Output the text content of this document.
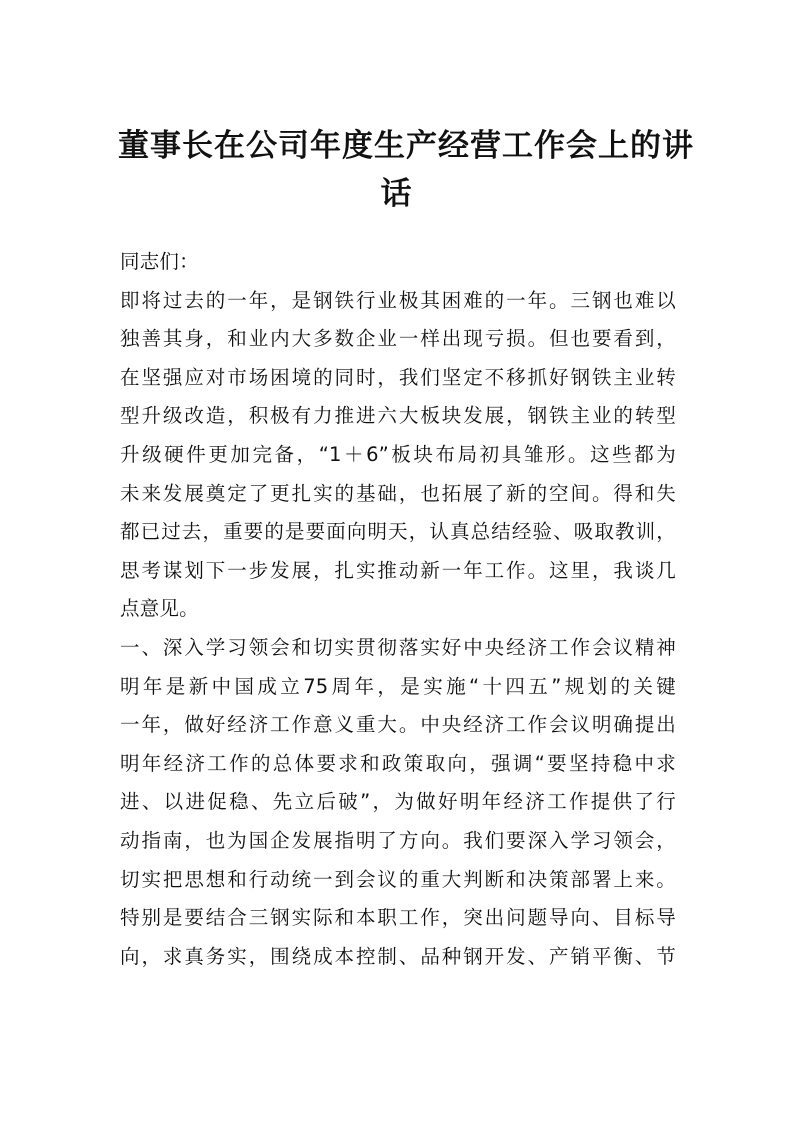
董事长在公司年度生产经营工作会上的讲
话
同志们：
即将过去的一年，是钢铁行业极其困难的一年。三钢也难以
独善其身，和业内大多数企业一样出现亏损。但也要看到，
在坚强应对市场困境的同时，我们坚定不移抓好钢铁主业转
型升级改造，积极有力推进六大板块发展，钢铁主业的转型
升级硬件更加完备，“1＋6”板块布局初具雏形。这些都为
未来发展奠定了更扎实的基础，也拓展了新的空间。得和失
都已过去，重要的是要面向明天，认真总结经验、吸取教训，
思考谋划下一步发展，扎实推动新一年工作。这里，我谈几
点意见。
一、深入学习领会和切实贯彻落实好中央经济工作会议精神
明年是新中国成立75周年，是实施“十四五”规划的关键
一年，做好经济工作意义重大。中央经济工作会议明确提出
明年经济工作的总体要求和政策取向，强调“要坚持稳中求
进、以进促稳、先立后破”，为做好明年经济工作提供了行
动指南，也为国企发展指明了方向。我们要深入学习领会，
切实把思想和行动统一到会议的重大判断和决策部署上来。
特别是要结合三钢实际和本职工作，突出问题导向、目标导
向，求真务实，围绕成本控制、品种钢开发、产销平衡、节
